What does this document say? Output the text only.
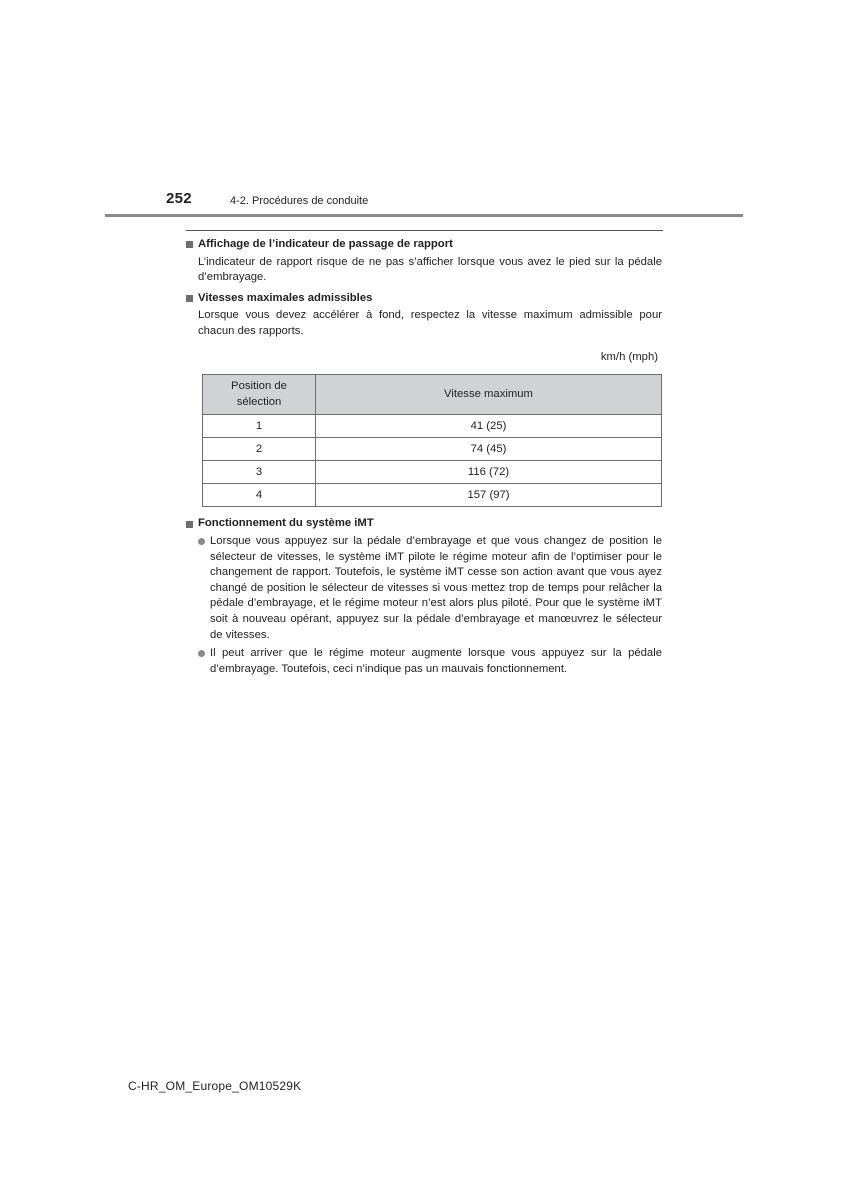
252	4-2. Procédures de conduite

Affichage de l’indicateur de passage de rapport

L’indicateur de rapport risque de ne pas s’afficher lorsque vous avez le pied sur la pédale d’embrayage.

Vitesses maximales admissibles

Lorsque vous devez accélérer à fond, respectez la vitesse maximum admissible pour chacun des rapports.

km/h (mph)
Position de sélection	Vitesse maximum
1	41 (25)
2	74 (45)
3	116 (72)
4	157 (97)

Fonctionnement du système iMT

Lorsque vous appuyez sur la pédale d’embrayage et que vous changez de position le sélecteur de vitesses, le système iMT pilote le régime moteur afin de l’optimiser pour le changement de rapport. Toutefois, le système iMT cesse son action avant que vous ayez changé de position le sélecteur de vitesses si vous mettez trop de temps pour relâcher la pédale d’embrayage, et le régime moteur n’est alors plus piloté. Pour que le système iMT soit à nouveau opérant, appuyez sur la pédale d’embrayage et manœuvrez le sélecteur de vitesses.
Il peut arriver que le régime moteur augmente lorsque vous appuyez sur la pédale d’embrayage. Toutefois, ceci n’indique pas un mauvais fonctionnement.
C-HR_OM_Europe_OM10529K
